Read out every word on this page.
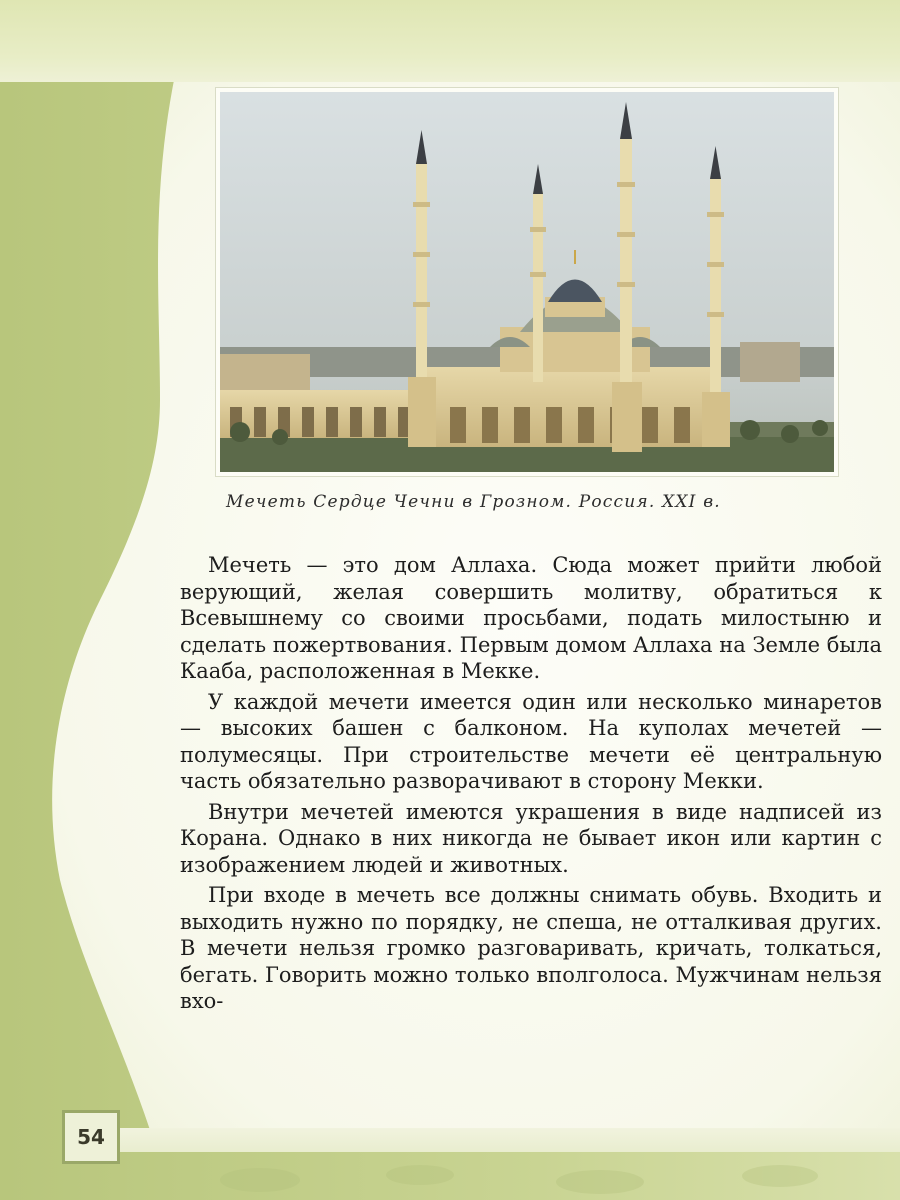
Мечеть Сердце Чечни в Грозном. Россия. XXI в.

Мечеть — это дом Аллаха. Сюда может прийти любой верующий, желая совершить молитву, обратиться к Всевышнему со своими просьбами, подать милостыню и сделать пожертвования. Первым домом Аллаха на Земле была Кааба, расположенная в Мекке.

У каждой мечети имеется один или несколько минаретов — высоких башен с балконом. На куполах мечетей — полумесяцы. При строительстве мечети её центральную часть обязательно разворачивают в сторону Мекки.

Внутри мечетей имеются украшения в виде надписей из Корана. Однако в них никогда не бывает икон или картин с изображением людей и животных.

При входе в мечеть все должны снимать обувь. Входить и выходить нужно по порядку, не спеша, не отталкивая других. В мечети нельзя громко разговаривать, кричать, толкаться, бегать. Говорить можно только вполголоса. Мужчинам нельзя вхо-

54
